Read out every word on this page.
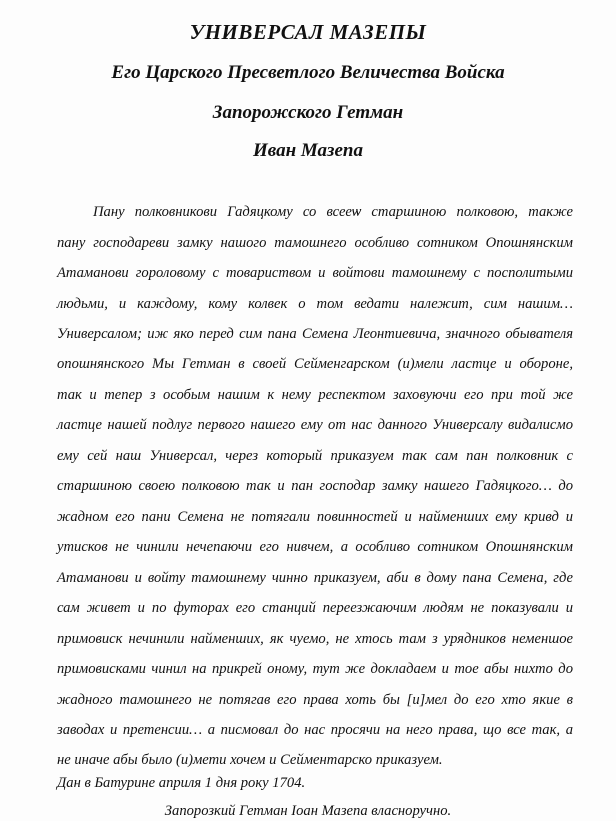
УНИВЕРСАЛ МАЗЕПЫ
Его Царского Пресветлого Величества Войска
Запорожского Гетман
Иван Мазепа

Пану полковникови Гадяцкому со всееѡ старшиною полковою, также

пану господареви замку нашого тамошнего особливо сотником Опошнянским

Атаманови гороловому с товариством и войтови тамошнему с посполитыми

людьми, и каждому, кому колвек о том ведати належит, сим нашим…

Универсалом; иж яко перед сим пана Семена Леонтиевича, значного обывателя

опошнянского Мы Гетман в своей Сейменгарском (и)мели ластце и обороне,

так и тепер з особым нашим к нему респектом заховуючи его при той же

ластце нашей подлуг первого нашего ему от нас данного Универсалу видалисмо

ему сей наш Универсал, через который приказуем так сам пан полковник с

старшиною своею полковою так и пан господар замку нашего Гадяцкого… до

жадном его пани Семена не потягали повинностей и найменших ему кривд и

утисков не чинили нечепаючи его нивчем, а особливо сотником Опошнянским

Атаманови и войту тамошнему чинно приказуем, аби в дому пана Семена, где

сам живет и по футорах его станций переезжаючим людям не показували и

примовиск нечинили найменших, як чуемо, не хтось там з урядников неменшое

примовисками чинил на прикрей оному, тут же докладаем и тое абы нихто до

жадного тамошнего не потягав его права хоть бы [и]мел до его хто якие в

заводах и претенсии… а писмовал до нас просячи на него права, що все так, а

не иначе абы было (и)мети хочем и Сейментарско приказуем.

Дан в Батурине априля 1 дня року 1704.

Запорозкий Гетман Іоан Мазепа власноручно.
